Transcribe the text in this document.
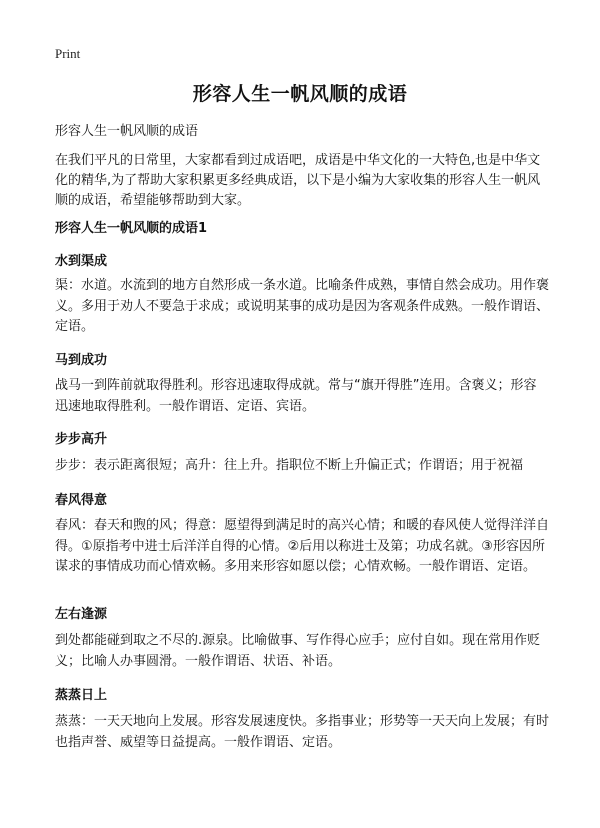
Print
形容人生一帆风顺的成语
形容人生一帆风顺的成语
在我们平凡的日常里，大家都看到过成语吧，成语是中华文化的一大特色,也是中华文化的精华,为了帮助大家积累更多经典成语，以下是小编为大家收集的形容人生一帆风顺的成语，希望能够帮助到大家。
形容人生一帆风顺的成语1
水到渠成
渠：水道。水流到的地方自然形成一条水道。比喻条件成熟，事情自然会成功。用作褒义。多用于劝人不要急于求成；或说明某事的成功是因为客观条件成熟。一般作谓语、定语。
马到成功
战马一到阵前就取得胜利。形容迅速取得成就。常与“旗开得胜”连用。含褒义；形容迅速地取得胜利。一般作谓语、定语、宾语。
步步高升
步步：表示距离很短；高升：往上升。指职位不断上升偏正式；作谓语；用于祝福
春风得意
春风：春天和煦的风；得意：愿望得到满足时的高兴心情；和暖的春风使人觉得洋洋自得。①原指考中进士后洋洋自得的心情。②后用以称进士及第；功成名就。③形容因所谋求的事情成功而心情欢畅。多用来形容如愿以偿；心情欢畅。一般作谓语、定语。
左右逢源
到处都能碰到取之不尽的.源泉。比喻做事、写作得心应手；应付自如。现在常用作贬义；比喻人办事圆滑。一般作谓语、状语、补语。
蒸蒸日上
蒸蒸：一天天地向上发展。形容发展速度快。多指事业；形势等一天天向上发展；有时也指声誉、威望等日益提高。一般作谓语、定语。
